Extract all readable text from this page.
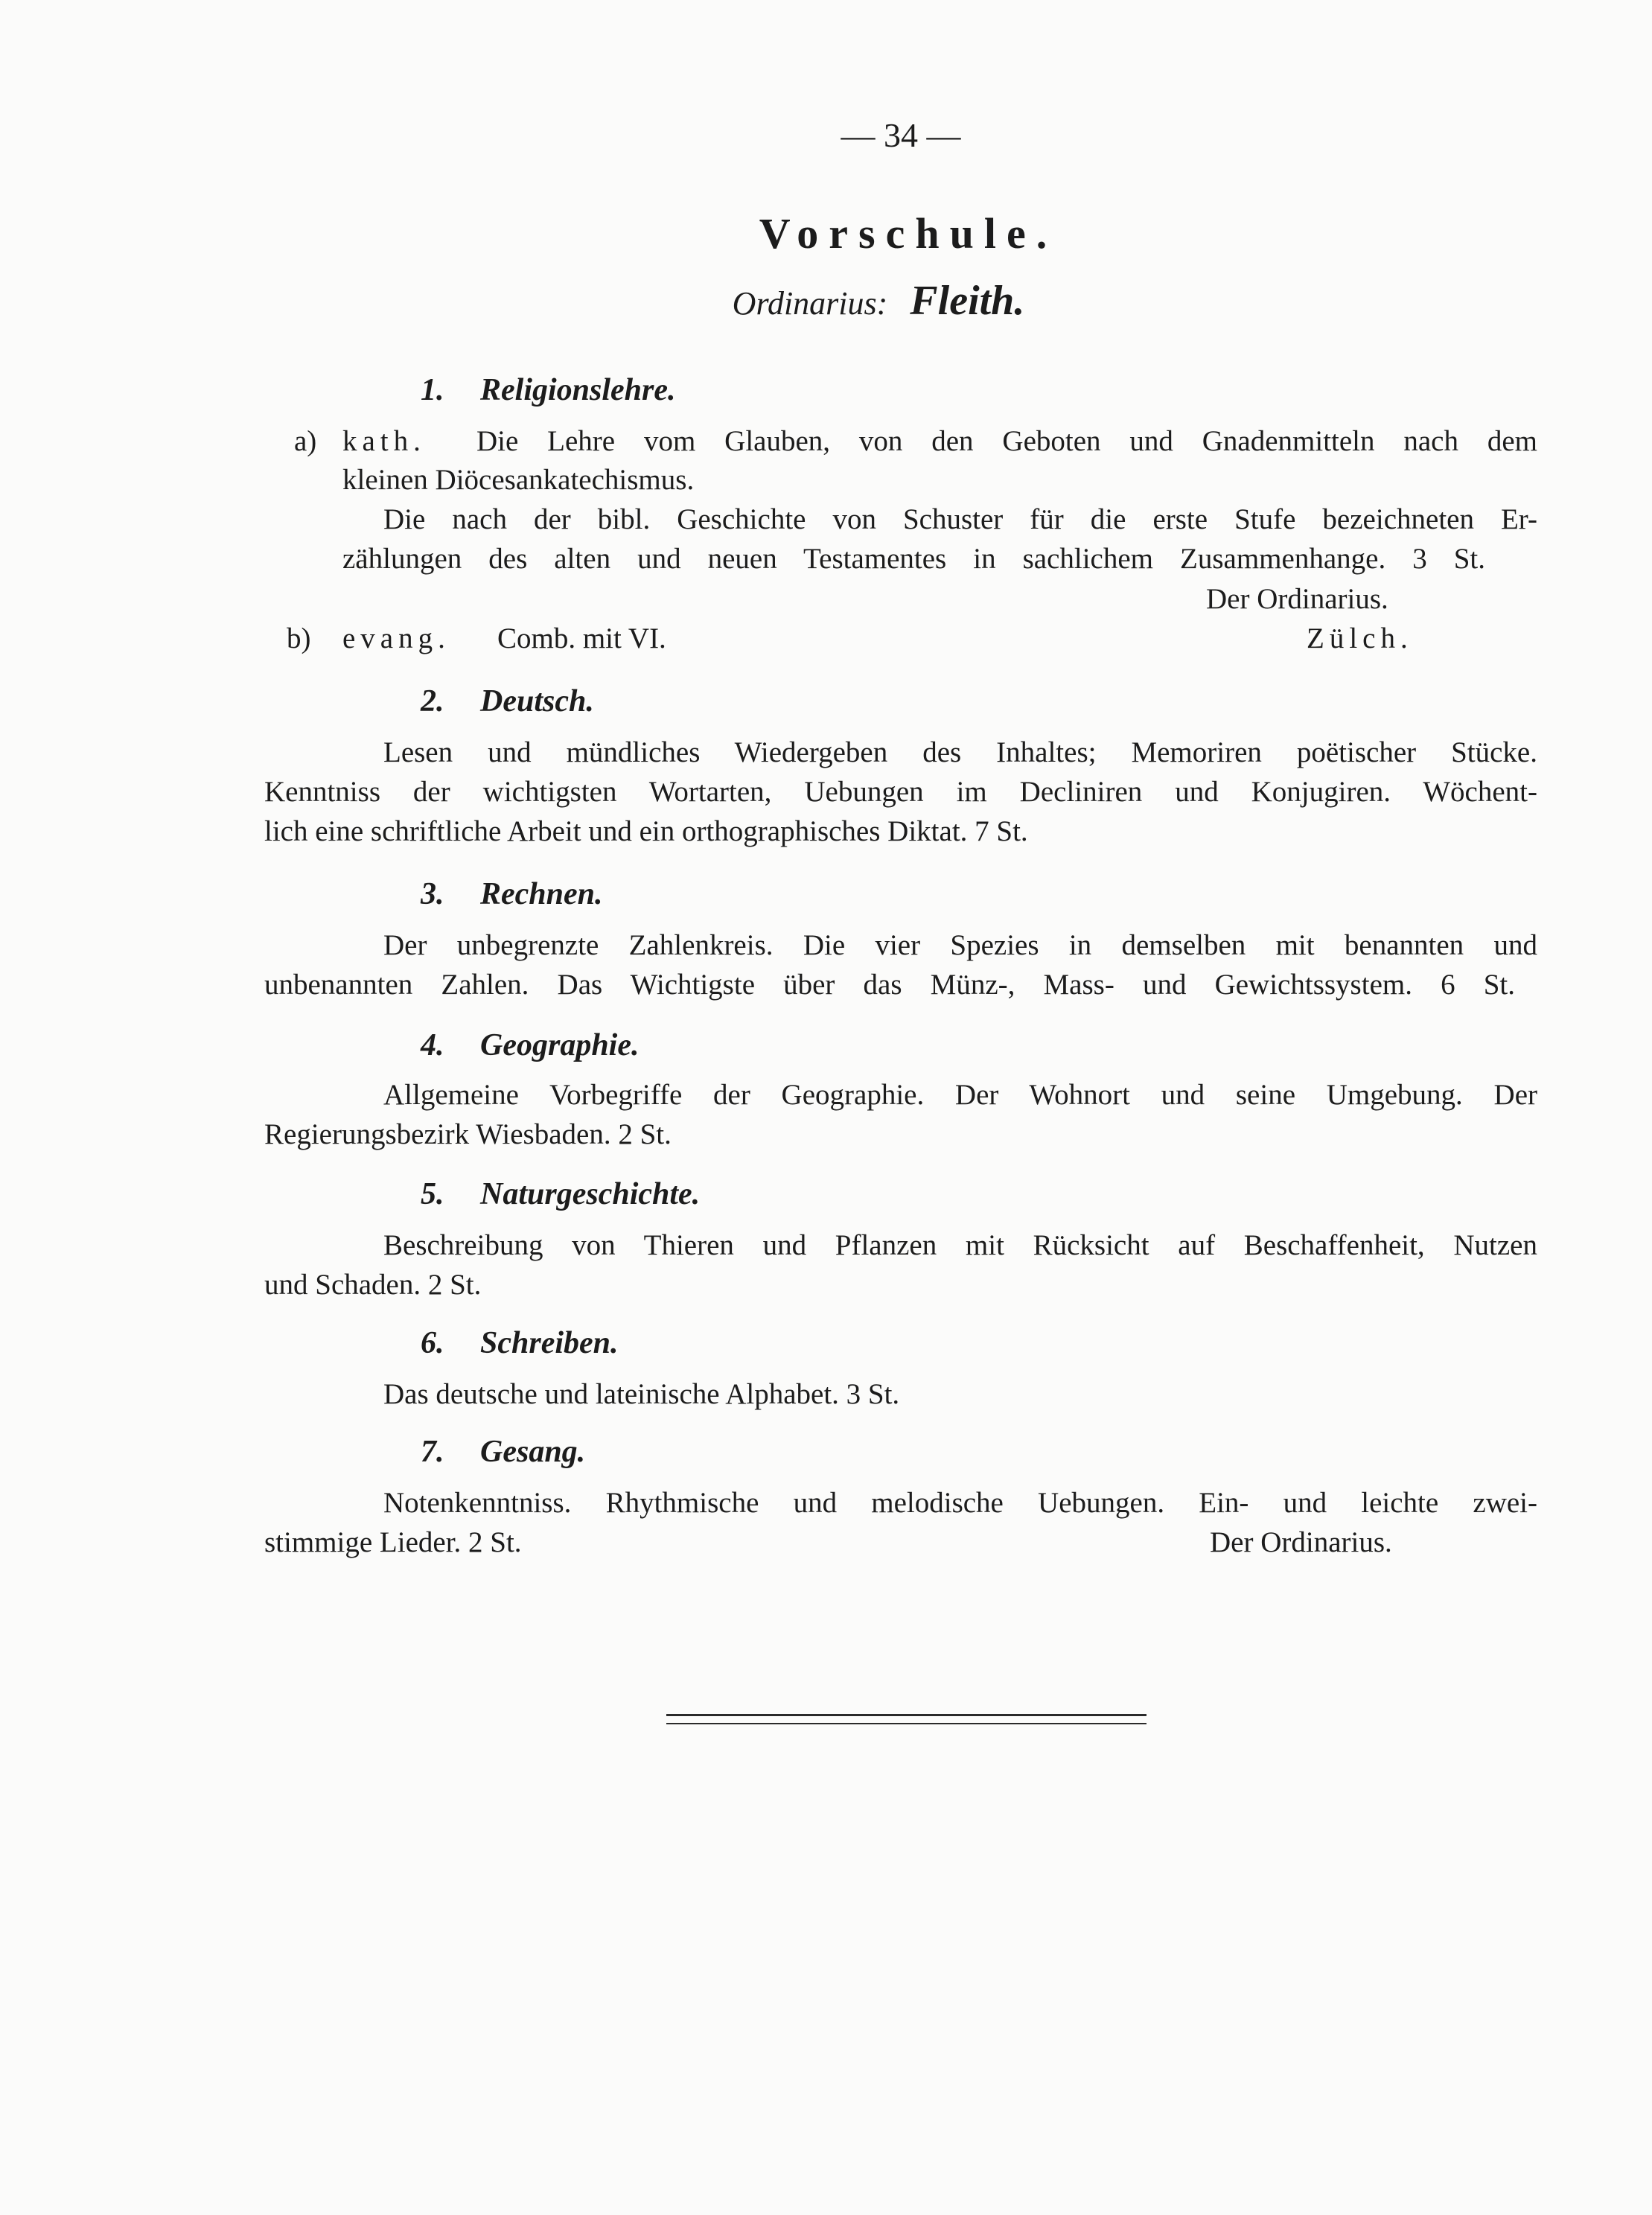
— 34 —
Vorschule.
Ordinarius: Fleith.
1. Religionslehre.
a) kath. Die Lehre vom Glauben, von den Geboten und Gnadenmitteln nach dem
kleinen Diöcesankatechismus.
Die nach der bibl. Geschichte von Schuster für die erste Stufe bezeichneten Er-
zählungen des alten und neuen Testamentes in sachlichem Zusammenhange. 3 St.
Der Ordinarius.
b) evang. Comb. mit VI.	Zülch.
2. Deutsch.
Lesen und mündliches Wiedergeben des Inhaltes; Memoriren poëtischer Stücke.
Kenntniss der wichtigsten Wortarten, Uebungen im Decliniren und Konjugiren. Wöchent-
lich eine schriftliche Arbeit und ein orthographisches Diktat. 7 St.
3. Rechnen.
Der unbegrenzte Zahlenkreis. Die vier Spezies in demselben mit benannten und
unbenannten Zahlen. Das Wichtigste über das Münz-, Mass- und Gewichtssystem. 6 St.
4. Geographie.
Allgemeine Vorbegriffe der Geographie. Der Wohnort und seine Umgebung. Der
Regierungsbezirk Wiesbaden. 2 St.
5. Naturgeschichte.
Beschreibung von Thieren und Pflanzen mit Rücksicht auf Beschaffenheit, Nutzen
und Schaden. 2 St.
6. Schreiben.
Das deutsche und lateinische Alphabet. 3 St.
7. Gesang.
Notenkenntniss. Rhythmische und melodische Uebungen. Ein- und leichte zwei-
stimmige Lieder. 2 St.	Der Ordinarius.
